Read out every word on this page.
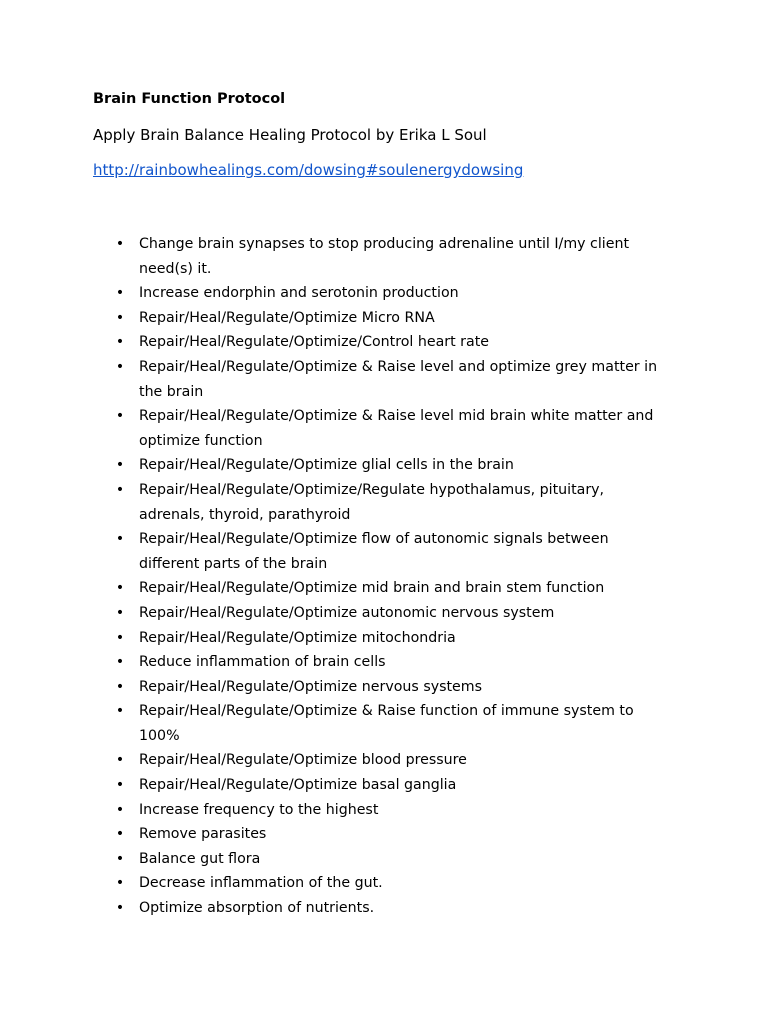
Brain Function Protocol
Apply Brain Balance Healing Protocol by Erika L Soul
http://rainbowhealings.com/dowsing#soulenergydowsing
• Change brain synapses to stop producing adrenaline until I/my client need(s) it.
• Increase endorphin and serotonin production
• Repair/Heal/Regulate/Optimize Micro RNA
• Repair/Heal/Regulate/Optimize/Control heart rate
• Repair/Heal/Regulate/Optimize & Raise level and optimize grey matter in the brain
• Repair/Heal/Regulate/Optimize & Raise level mid brain white matter and optimize function
• Repair/Heal/Regulate/Optimize glial cells in the brain
• Repair/Heal/Regulate/Optimize/Regulate hypothalamus, pituitary, adrenals, thyroid, parathyroid
• Repair/Heal/Regulate/Optimize flow of autonomic signals between different parts of the brain
• Repair/Heal/Regulate/Optimize mid brain and brain stem function
• Repair/Heal/Regulate/Optimize autonomic nervous system
• Repair/Heal/Regulate/Optimize mitochondria
• Reduce inflammation of brain cells
• Repair/Heal/Regulate/Optimize nervous systems
• Repair/Heal/Regulate/Optimize & Raise function of immune system to 100%
• Repair/Heal/Regulate/Optimize blood pressure
• Repair/Heal/Regulate/Optimize basal ganglia
• Increase frequency to the highest
• Remove parasites
• Balance gut flora
• Decrease inflammation of the gut.
• Optimize absorption of nutrients.
